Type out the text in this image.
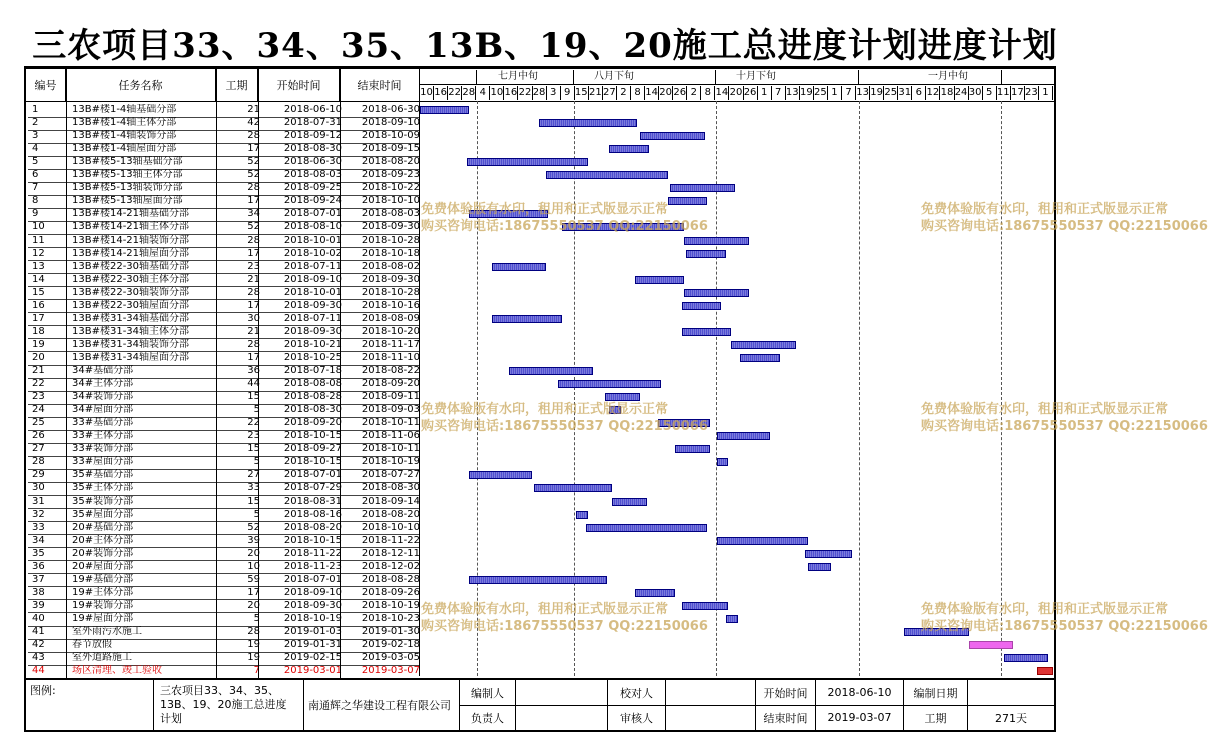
三农项目33、34、35、13B、19、20施工总进度计划进度计划
编号	任务名称	工期	开始时间	结束时间
七月中旬	八月下旬	十月下旬	一月中旬
10 16 22 28 4 10 16 22 28 3 9 15 21 27 2 8 14 20 26 2 8 14 20 26 1 7 13 19 25 1 7 13 19 25 31 6 12 18 24 30 5 11 17 23 1
1	13B#楼1-4轴基础分部	21	2018-06-10	2018-06-30
2	13B#楼1-4轴主体分部	42	2018-07-31	2018-09-10
3	13B#楼1-4轴装饰分部	28	2018-09-12	2018-10-09
4	13B#楼1-4轴屋面分部	17	2018-08-30	2018-09-15
5	13B#楼5-13轴基础分部	52	2018-06-30	2018-08-20
6	13B#楼5-13轴主体分部	52	2018-08-03	2018-09-23
7	13B#楼5-13轴装饰分部	28	2018-09-25	2018-10-22
8	13B#楼5-13轴屋面分部	17	2018-09-24	2018-10-10
9	13B#楼14-21轴基础分部	34	2018-07-01	2018-08-03
10	13B#楼14-21轴主体分部	52	2018-08-10	2018-09-30
11	13B#楼14-21轴装饰分部	28	2018-10-01	2018-10-28
12	13B#楼14-21轴屋面分部	17	2018-10-02	2018-10-18
13	13B#楼22-30轴基础分部	23	2018-07-11	2018-08-02
14	13B#楼22-30轴主体分部	21	2018-09-10	2018-09-30
15	13B#楼22-30轴装饰分部	28	2018-10-01	2018-10-28
16	13B#楼22-30轴屋面分部	17	2018-09-30	2018-10-16
17	13B#楼31-34轴基础分部	30	2018-07-11	2018-08-09
18	13B#楼31-34轴主体分部	21	2018-09-30	2018-10-20
19	13B#楼31-34轴装饰分部	28	2018-10-21	2018-11-17
20	13B#楼31-34轴屋面分部	17	2018-10-25	2018-11-10
21	34#基础分部	36	2018-07-18	2018-08-22
22	34#主体分部	44	2018-08-08	2018-09-20
23	34#装饰分部	15	2018-08-28	2018-09-11
24	34#屋面分部	5	2018-08-30	2018-09-03
25	33#基础分部	22	2018-09-20	2018-10-11
26	33#主体分部	23	2018-10-15	2018-11-06
27	33#装饰分部	15	2018-09-27	2018-10-11
28	33#屋面分部	5	2018-10-15	2018-10-19
29	35#基础分部	27	2018-07-01	2018-07-27
30	35#主体分部	33	2018-07-29	2018-08-30
31	35#装饰分部	15	2018-08-31	2018-09-14
32	35#屋面分部	5	2018-08-16	2018-08-20
33	20#基础分部	52	2018-08-20	2018-10-10
34	20#主体分部	39	2018-10-15	2018-11-22
35	20#装饰分部	20	2018-11-22	2018-12-11
36	20#屋面分部	10	2018-11-23	2018-12-02
37	19#基础分部	59	2018-07-01	2018-08-28
38	19#主体分部	17	2018-09-10	2018-09-26
39	19#装饰分部	20	2018-09-30	2018-10-19
40	19#屋面分部	5	2018-10-19	2018-10-23
41	室外雨污水施工	28	2019-01-03	2019-01-30
42	春节放假	19	2019-01-31	2019-02-18
43	室外道路施工	19	2019-02-15	2019-03-05
44	场区清理、竣工验收	7	2019-03-01	2019-03-07
免费体验版有水印，租用和正式版显示正常
购买咨询电话:18675550537 QQ:22150066
免费体验版有水印，租用和正式版显示正常
购买咨询电话:18675550537 QQ:22150066
免费体验版有水印，租用和正式版显示正常
购买咨询电话:18675550537 QQ:22150066
免费体验版有水印，租用和正式版显示正常
购买咨询电话:18675550537 QQ:22150066
免费体验版有水印，租用和正式版显示正常
购买咨询电话:18675550537 QQ:22150066
免费体验版有水印，租用和正式版显示正常
购买咨询电话:18675550537 QQ:22150066
图例:	三农项目33、34、35、13B、19、20施工总进度计划
南通辉之华建设工程有限公司
编制人	校对人	开始时间	2018-06-10	编制日期
负责人	审核人	结束时间	2019-03-07	工期	271天
